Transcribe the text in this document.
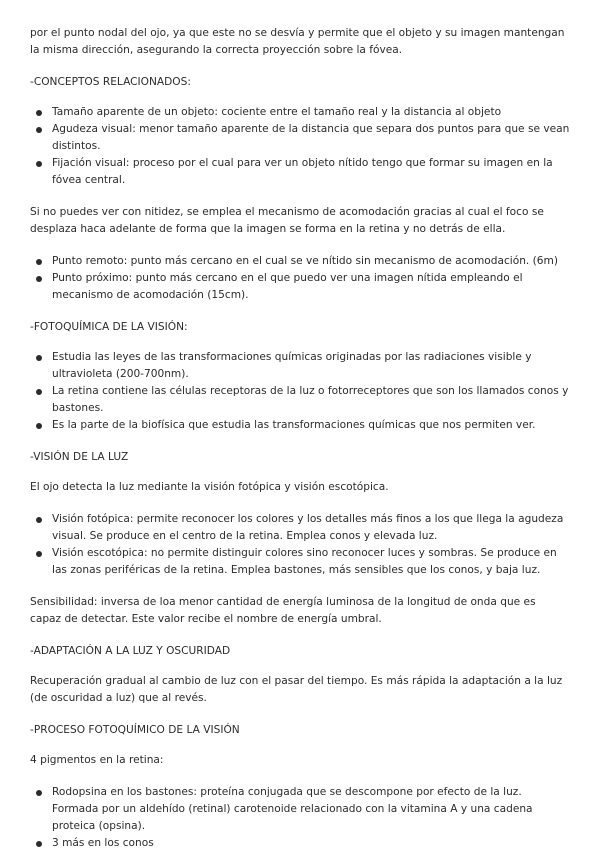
por el punto nodal del ojo, ya que este no se desvía y permite que el objeto y su imagen mantengan la misma dirección, asegurando la correcta proyección sobre la fóvea.

-CONCEPTOS RELACIONADOS:

Tamaño aparente de un objeto: cociente entre el tamaño real y la distancia al objeto
Agudeza visual: menor tamaño aparente de la distancia que separa dos puntos para que se vean distintos.
Fijación visual: proceso por el cual para ver un objeto nítido tengo que formar su imagen en la fóvea central.

Si no puedes ver con nitidez, se emplea el mecanismo de acomodación gracias al cual el foco se desplaza haca adelante de forma que la imagen se forma en la retina y no detrás de ella.

Punto remoto: punto más cercano en el cual se ve nítido sin mecanismo de acomodación. (6m)
Punto próximo: punto más cercano en el que puedo ver una imagen nítida empleando el mecanismo de acomodación (15cm).

-FOTOQUÍMICA DE LA VISIÓN:

Estudia las leyes de las transformaciones químicas originadas por las radiaciones visible y ultravioleta (200-700nm).
La retina contiene las células receptoras de la luz o fotorreceptores que son los llamados conos y bastones.
Es la parte de la biofísica que estudia las transformaciones químicas que nos permiten ver.

-VISIÓN DE LA LUZ

El ojo detecta la luz mediante la visión fotópica y visión escotópica.

Visión fotópica: permite reconocer los colores y los detalles más finos a los que llega la agudeza visual. Se produce en el centro de la retina. Emplea conos y elevada luz.
Visión escotópica: no permite distinguir colores sino reconocer luces y sombras. Se produce en las zonas periféricas de la retina. Emplea bastones, más sensibles que los conos, y baja luz.

Sensibilidad: inversa de loa menor cantidad de energía luminosa de la longitud de onda que es capaz de detectar. Este valor recibe el nombre de energía umbral.

-ADAPTACIÓN A LA LUZ Y OSCURIDAD

Recuperación gradual al cambio de luz con el pasar del tiempo. Es más rápida la adaptación a la luz (de oscuridad a luz) que al revés.

-PROCESO FOTOQUÍMICO DE LA VISIÓN

4 pigmentos en la retina:

Rodopsina en los bastones: proteína conjugada que se descompone por efecto de la luz. Formada por un aldehído (retinal) carotenoide relacionado con la vitamina A y una cadena proteica (opsina).
3 más en los conos
